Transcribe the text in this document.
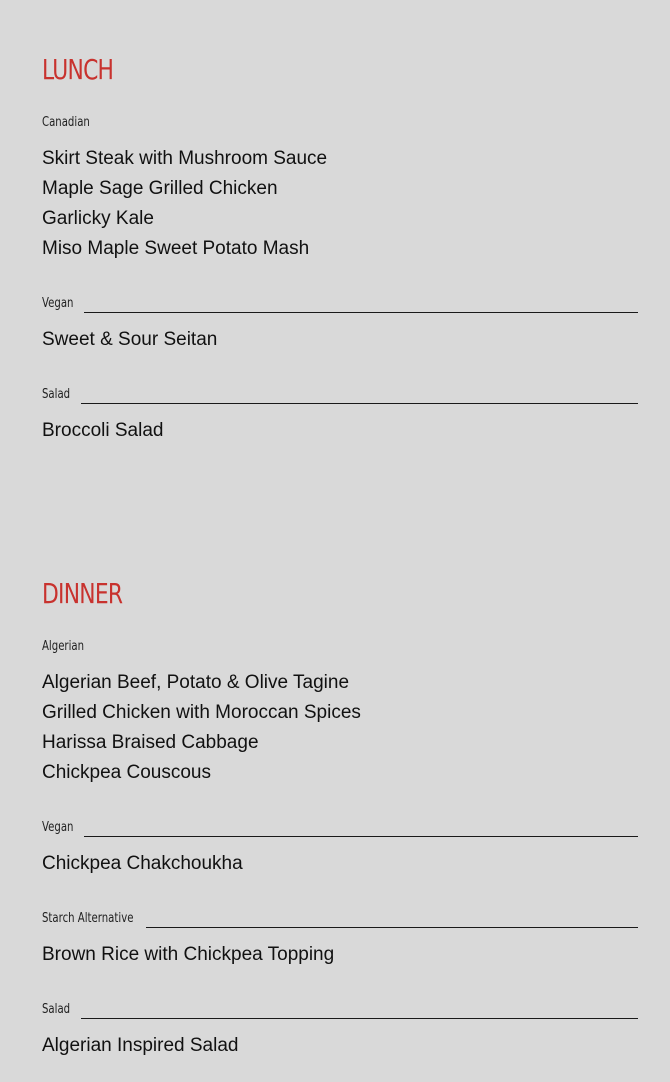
LUNCH
Canadian
Skirt Steak with Mushroom Sauce
Maple Sage Grilled Chicken
Garlicky Kale
Miso Maple Sweet Potato Mash
Vegan
Sweet & Sour Seitan
Salad
Broccoli Salad
DINNER
Algerian
Algerian Beef, Potato & Olive Tagine
Grilled Chicken with Moroccan Spices
Harissa Braised Cabbage
Chickpea Couscous
Vegan
Chickpea Chakchoukha
Starch Alternative
Brown Rice with Chickpea Topping
Salad
Algerian Inspired Salad
